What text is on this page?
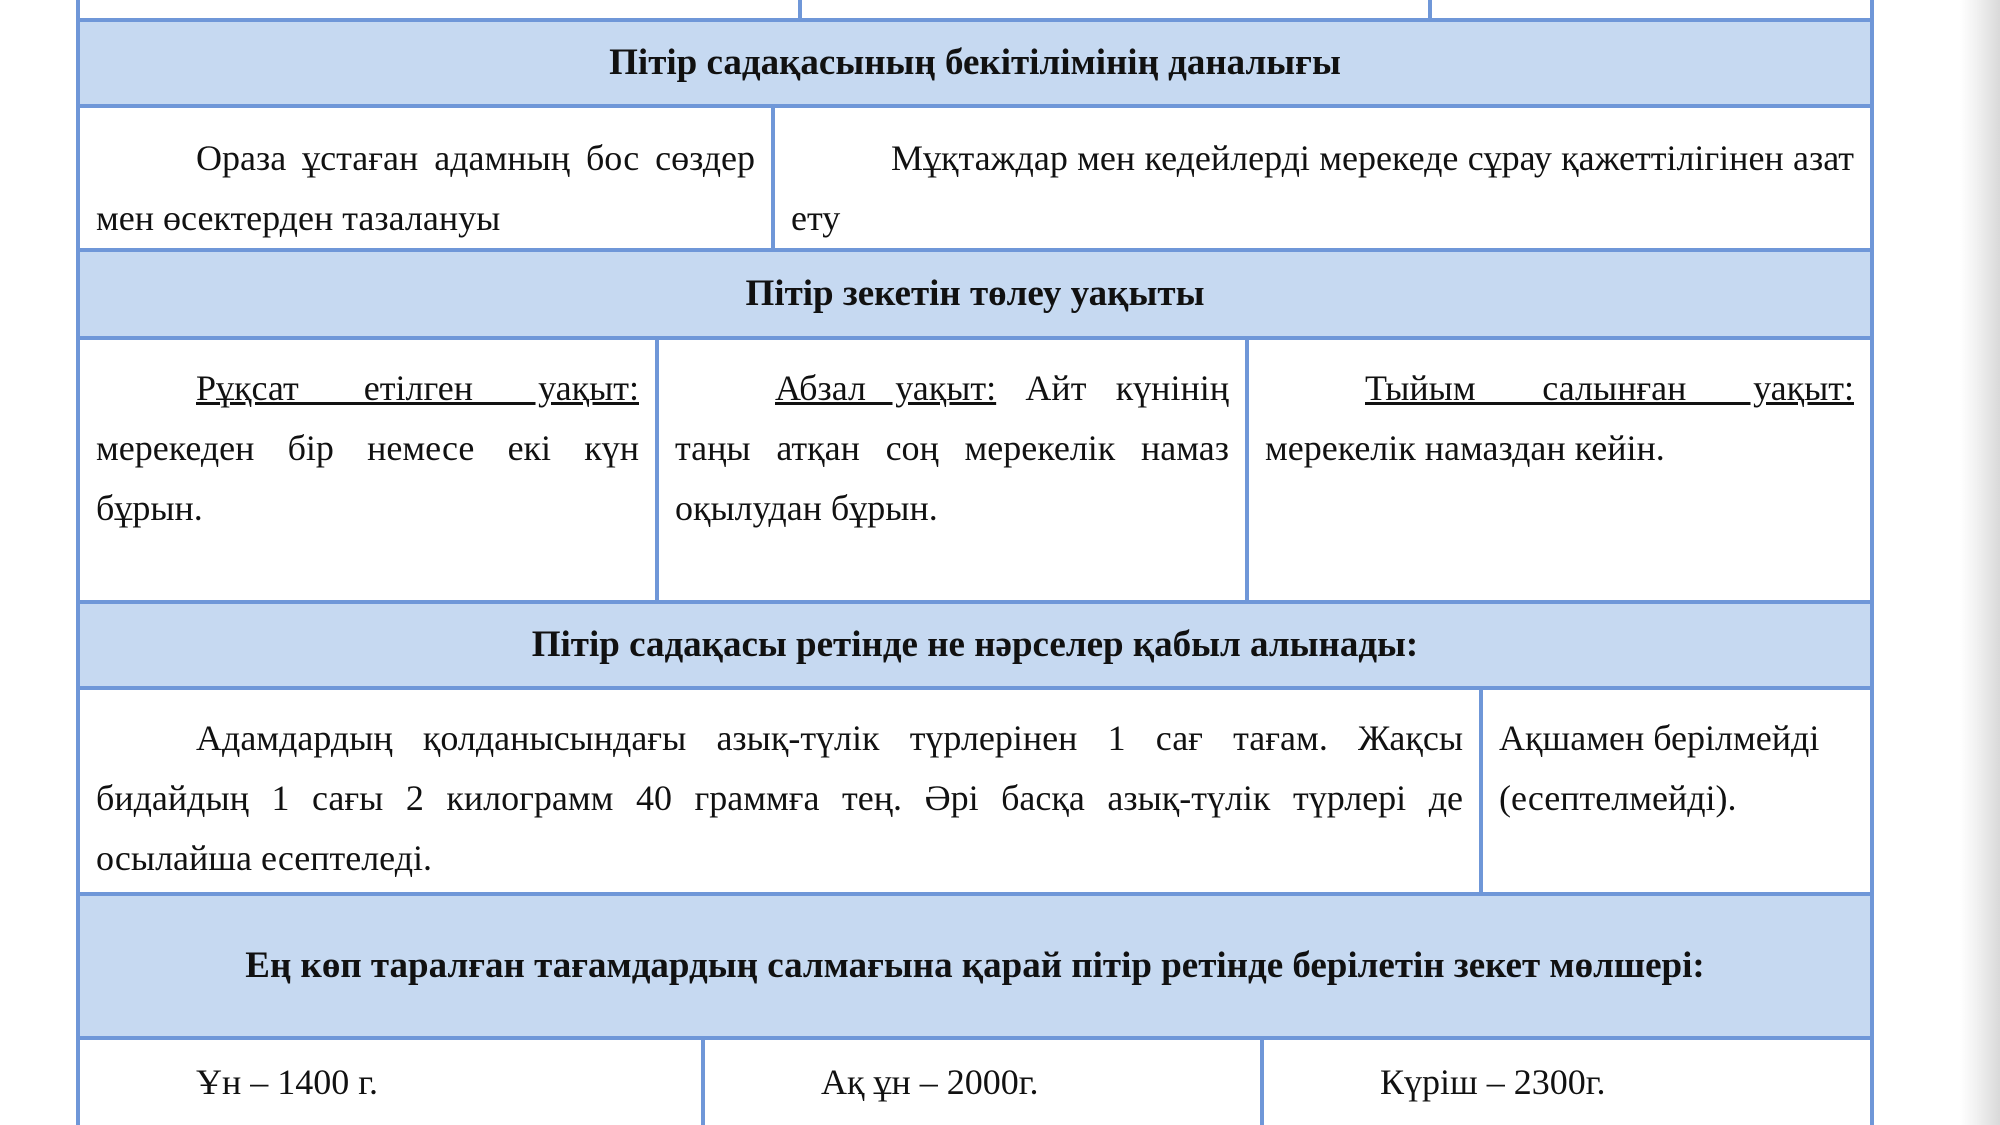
Пітір садақасының бекітілімінің даналығы
Ораза ұстаған адамның бос сөздер мен өсектерден тазалануы
Мұқтаждар мен кедейлерді мерекеде сұрау қажеттілігінен азат ету
Пітір зекетін төлеу уақыты
Рұқсат етілген уақыт: мерекеден бір немесе екі күн бұрын.
Абзал уақыт: Айт күнінің таңы атқан соң мерекелік намаз оқылудан бұрын.
Тыйым салынған уақыт: мерекелік намаздан кейін.
Пітір садақасы ретінде не нәрселер қабыл алынады:
Адамдардың қолданысындағы азық-түлік түрлерінен 1 сағ тағам. Жақсы бидайдың 1 сағы 2 килограмм 40 граммға тең. Әрі басқа азық-түлік түрлері де осылайша есептеледі.
Ақшамен берілмейді (есептелмейді).
Ең көп таралған тағамдардың салмағына қарай пітір ретінде берілетін зекет мөлшері:
Ұн – 1400 г.	Ақ ұн – 2000г.	Күріш – 2300г.
